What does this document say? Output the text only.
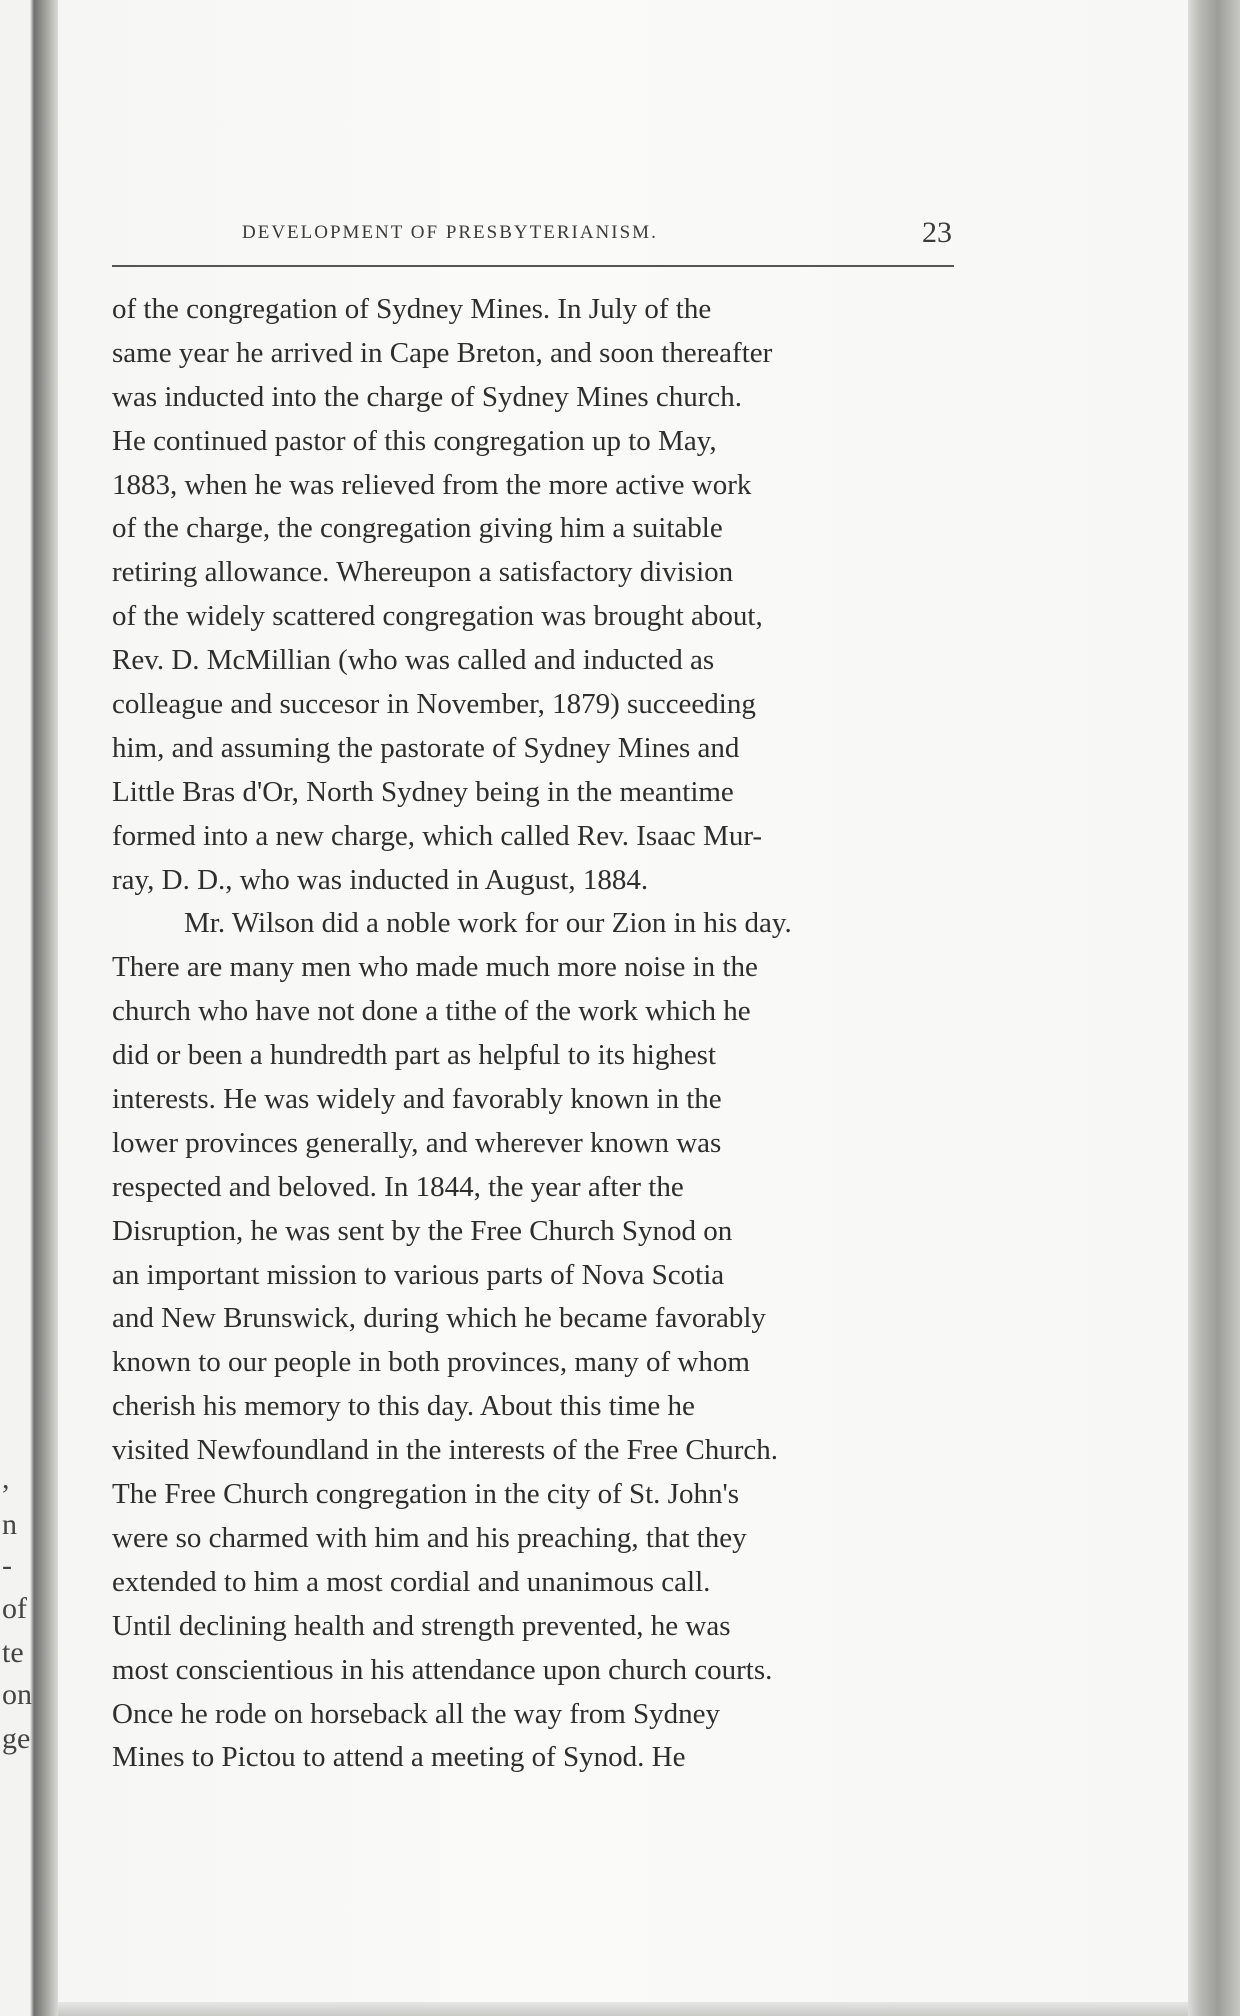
,
n
-
of
te
on
ge
DEVELOPMENT OF PRESBYTERIANISM.	23
of the congregation of Sydney Mines. In July of the
same year he arrived in Cape Breton, and soon thereafter
was inducted into the charge of Sydney Mines church.
He continued pastor of this congregation up to May,
1883, when he was relieved from the more active work
of the charge, the congregation giving him a suitable
retiring allowance. Whereupon a satisfactory division
of the widely scattered congregation was brought about,
Rev. D. McMillian (who was called and inducted as
colleague and succesor in November, 1879) succeeding
him, and assuming the pastorate of Sydney Mines and
Little Bras d'Or, North Sydney being in the meantime
formed into a new charge, which called Rev. Isaac Mur-
ray, D. D., who was inducted in August, 1884.
Mr. Wilson did a noble work for our Zion in his day.
There are many men who made much more noise in the
church who have not done a tithe of the work which he
did or been a hundredth part as helpful to its highest
interests. He was widely and favorably known in the
lower provinces generally, and wherever known was
respected and beloved. In 1844, the year after the
Disruption, he was sent by the Free Church Synod on
an important mission to various parts of Nova Scotia
and New Brunswick, during which he became favorably
known to our people in both provinces, many of whom
cherish his memory to this day. About this time he
visited Newfoundland in the interests of the Free Church.
The Free Church congregation in the city of St. John's
were so charmed with him and his preaching, that they
extended to him a most cordial and unanimous call.
Until declining health and strength prevented, he was
most conscientious in his attendance upon church courts.
Once he rode on horseback all the way from Sydney
Mines to Pictou to attend a meeting of Synod. He
